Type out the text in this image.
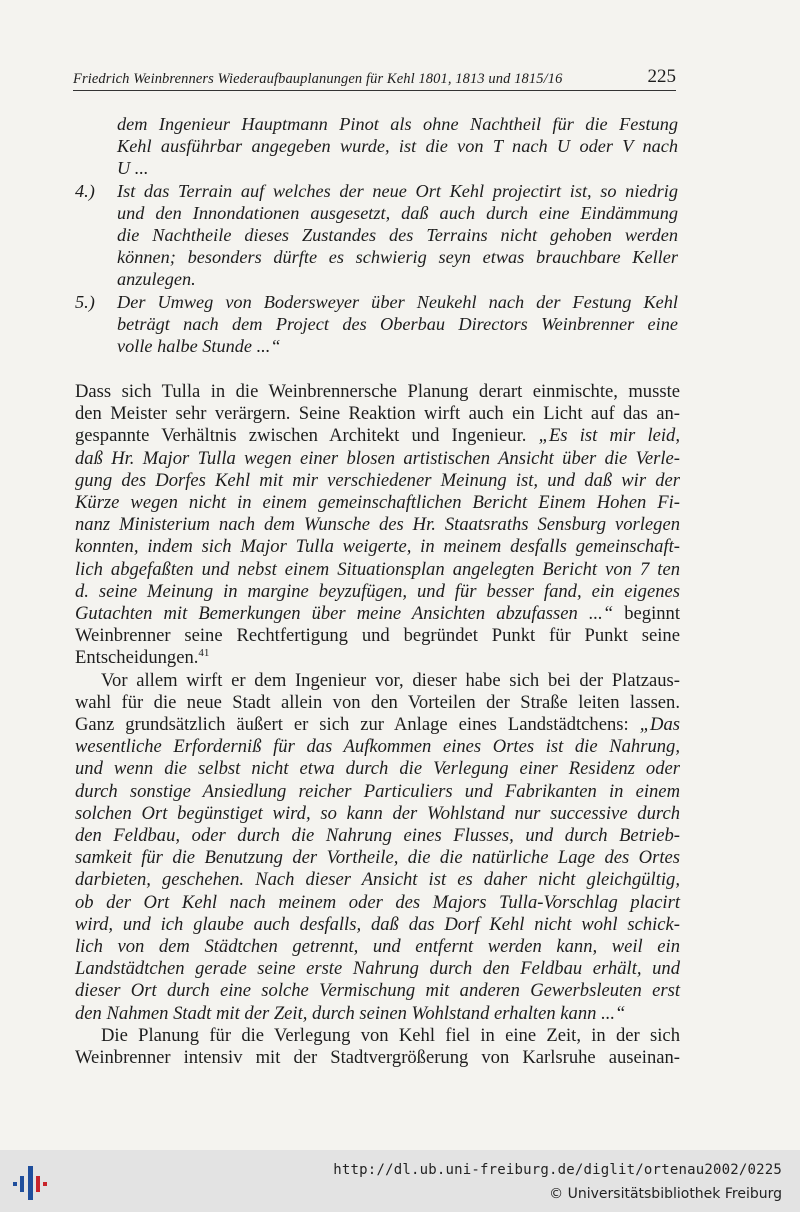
Friedrich Weinbrenners Wiederaufbauplanungen für Kehl 1801, 1813 und 1815/16	225
dem Ingenieur Hauptmann Pinot als ohne Nachtheil für die Festung
Kehl ausführbar angegeben wurde, ist die von T nach U oder V nach
U ...
4.) Ist das Terrain auf welches der neue Ort Kehl projectirt ist, so niedrig
und den Innondationen ausgesetzt, daß auch durch eine Eindämmung
die Nachtheile dieses Zustandes des Terrains nicht gehoben werden
können; besonders dürfte es schwierig seyn etwas brauchbare Keller
anzulegen.
5.) Der Umweg von Bodersweyer über Neukehl nach der Festung Kehl
beträgt nach dem Project des Oberbau Directors Weinbrenner eine
volle halbe Stunde ...“
Dass sich Tulla in die Weinbrennersche Planung derart einmischte, musste
den Meister sehr verärgern. Seine Reaktion wirft auch ein Licht auf das an-
gespannte Verhältnis zwischen Architekt und Ingenieur. „Es ist mir leid,
daß Hr. Major Tulla wegen einer blosen artistischen Ansicht über die Verle-
gung des Dorfes Kehl mit mir verschiedener Meinung ist, und daß wir der
Kürze wegen nicht in einem gemeinschaftlichen Bericht Einem Hohen Fi-
nanz Ministerium nach dem Wunsche des Hr. Staatsraths Sensburg vorlegen
konnten, indem sich Major Tulla weigerte, in meinem desfalls gemeinschaft-
lich abgefaßten und nebst einem Situationsplan angelegten Bericht von 7 ten
d. seine Meinung in margine beyzufügen, und für besser fand, ein eigenes
Gutachten mit Bemerkungen über meine Ansichten abzufassen ...“ beginnt
Weinbrenner seine Rechtfertigung und begründet Punkt für Punkt seine
Entscheidungen.$^{41}$
Vor allem wirft er dem Ingenieur vor, dieser habe sich bei der Platzaus-
wahl für die neue Stadt allein von den Vorteilen der Straße leiten lassen.
Ganz grundsätzlich äußert er sich zur Anlage eines Landstädtchens: „Das
wesentliche Erforderniß für das Aufkommen eines Ortes ist die Nahrung,
und wenn die selbst nicht etwa durch die Verlegung einer Residenz oder
durch sonstige Ansiedlung reicher Particuliers und Fabrikanten in einem
solchen Ort begünstiget wird, so kann der Wohlstand nur successive durch
den Feldbau, oder durch die Nahrung eines Flusses, und durch Betrieb-
samkeit für die Benutzung der Vortheile, die die natürliche Lage des Ortes
darbieten, geschehen. Nach dieser Ansicht ist es daher nicht gleichgültig,
ob der Ort Kehl nach meinem oder des Majors Tulla-Vorschlag placirt
wird, und ich glaube auch desfalls, daß das Dorf Kehl nicht wohl schick-
lich von dem Städtchen getrennt, und entfernt werden kann, weil ein
Landstädtchen gerade seine erste Nahrung durch den Feldbau erhält, und
dieser Ort durch eine solche Vermischung mit anderen Gewerbsleuten erst
den Nahmen Stadt mit der Zeit, durch seinen Wohlstand erhalten kann ...“
Die Planung für die Verlegung von Kehl fiel in eine Zeit, in der sich
Weinbrenner intensiv mit der Stadtvergrößerung von Karlsruhe auseinan-
http://dl.ub.uni-freiburg.de/diglit/ortenau2002/0225
© Universitätsbibliothek Freiburg
